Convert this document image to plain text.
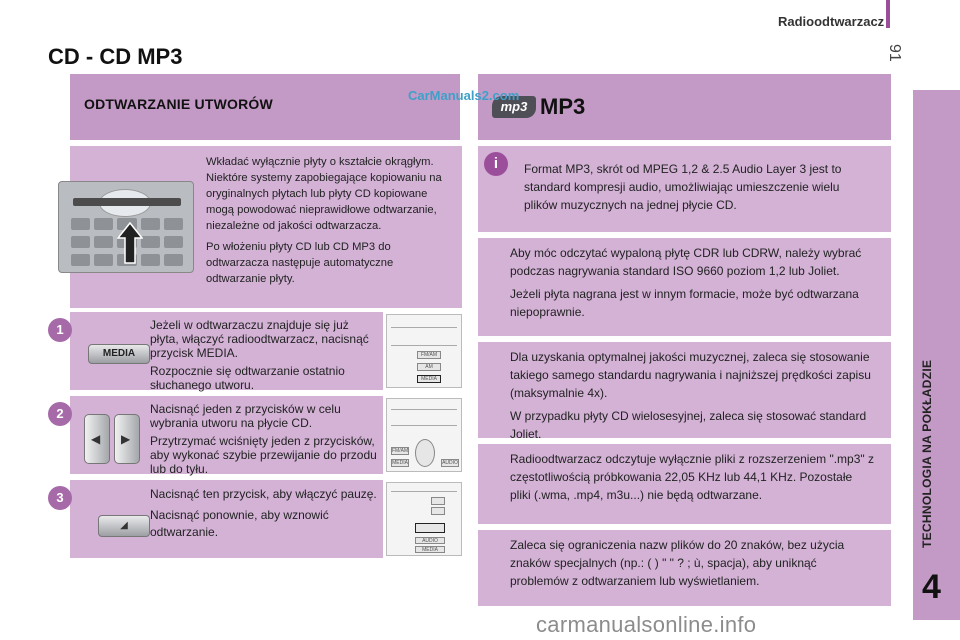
Radioodtwarzacz
91
CD - CD MP3
TECHNOLOGIA NA POKŁADZIE
4
ODTWARZANIE UTWORÓW

Wkładać wyłącznie płyty o kształcie okrągłym. Niektóre systemy zapobiegające kopiowaniu na oryginalnych płytach lub płyty CD kopiowane mogą powodować nieprawidłowe odtwarzanie, niezależne od jakości odtwarzacza.

Po włożeniu płyty CD lub CD MP3 do odtwarzacza następuje automatyczne odtwarzanie płyty.

Jeżeli w odtwarzaczu znajduje się już płyta, włączyć radioodtwarzacz, nacisnąć przycisk MEDIA.

Rozpocznie się odtwarzanie ostatnio słuchanego utworu.

1
MEDIA

Nacisnąć jeden z przycisków w celu wybrania utworu na płycie CD.

Przytrzymać wciśnięty jeden z przycisków, aby wykonać szybie przewijanie do przodu lub do tyłu.

2
◀ ▶

Nacisnąć ten przycisk, aby włączyć pauzę.

Nacisnąć ponownie, aby wznowić odtwarzanie.

3
◢
FM/AM
AM
MEDIA
FM/AM
MEDIA	AUDIO
AUDIO
MEDIA
MP3
mp3
Format MP3, skrót od MPEG 1,2 & 2.5 Audio Layer 3 jest to standard kompresji audio, umożliwiając umieszczenie wielu plików muzycznych na jednej płycie CD.
i

Aby móc odczytać wypaloną płytę CDR lub CDRW, należy wybrać podczas nagrywania standard ISO 9660 poziom 1,2 lub Joliet.

Jeżeli płyta nagrana jest w innym formacie, może być odtwarzana niepoprawnie.

Dla uzyskania optymalnej jakości muzycznej, zaleca się stosowanie takiego samego standardu nagrywania i najniższej prędkości zapisu (maksymalnie 4x).

W przypadku płyty CD wielosesyjnej, zaleca się stosować standard Joliet.

Radioodtwarzacz odczytuje wyłącznie pliki z rozszerzeniem ".mp3" z częstotliwością próbkowania 22,05 KHz lub 44,1 KHz. Pozostałe pliki (.wma, .mp4, m3u...) nie będą odtwarzane.

Zaleca się ograniczenia nazw plików do 20 znaków, bez użycia znaków specjalnych (np.: ( ) " " ? ; ù, spacja), aby uniknąć problemów z odtwarzaniem lub wyświetlaniem.

CarManuals2.com
carmanualsonline.info
